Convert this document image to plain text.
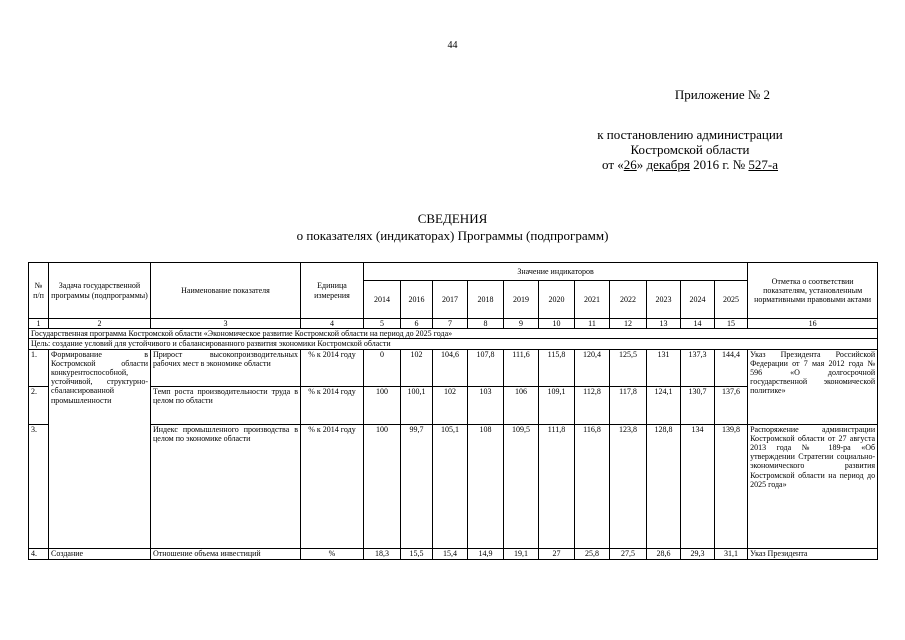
44
Приложение № 2
к постановлению администрации
Костромской области
от «26» декабря 2016 г. № 527-а
СВЕДЕНИЯ
о показателях (индикаторах) Программы (подпрограмм)
№ п/п	Задача государственной программы (подпрограммы)	Наименование показателя	Единица измерения	Значение индикаторов											Отметка о соответствии показателям, установленным нормативными правовыми актами
				2014	2016	2017	2018	2019	2020	2021	2022	2023	2024	2025	
1	2	3	4	5	6	7	8	9	10	11	12	13	14	15	16
Государственная программа Костромской области «Экономическое развитие Костромской области на период до 2025 года»															
Цель: создание условий для устойчивого и сбалансированного развития экономики Костромской области															
1.	Формирование в Костромской области конкурентоспособной, устойчивой, структурно-сбалансированной промышленности	Прирост высокопроизводительных рабочих мест в экономике области	% к 2014 году	0	102	104,6	107,8	111,6	115,8	120,4	125,5	131	137,3	144,4	Указ Президента Российской Федерации от 7 мая 2012 года № 596 «О долгосрочной государственной экономической политике»
2.		Темп роста производительности труда в целом по области	% к 2014 году	100	100,1	102	103	106	109,1	112,8	117,8	124,1	130,7	137,6	
3.		Индекс промышленного производства в целом по экономике области	% к 2014 году	100	99,7	105,1	108	109,5	111,8	116,8	123,8	128,8	134	139,8	Распоряжение администрации Костромской области от 27 августа 2013 года № 189-ра «Об утверждении Стратегии социально-экономического развития Костромской области на период до 2025 года»
4.	Создание	Отношение объема инвестиций	%	18,3	15,5	15,4	14,9	19,1	27	25,8	27,5	28,6	29,3	31,1	Указ Президента
